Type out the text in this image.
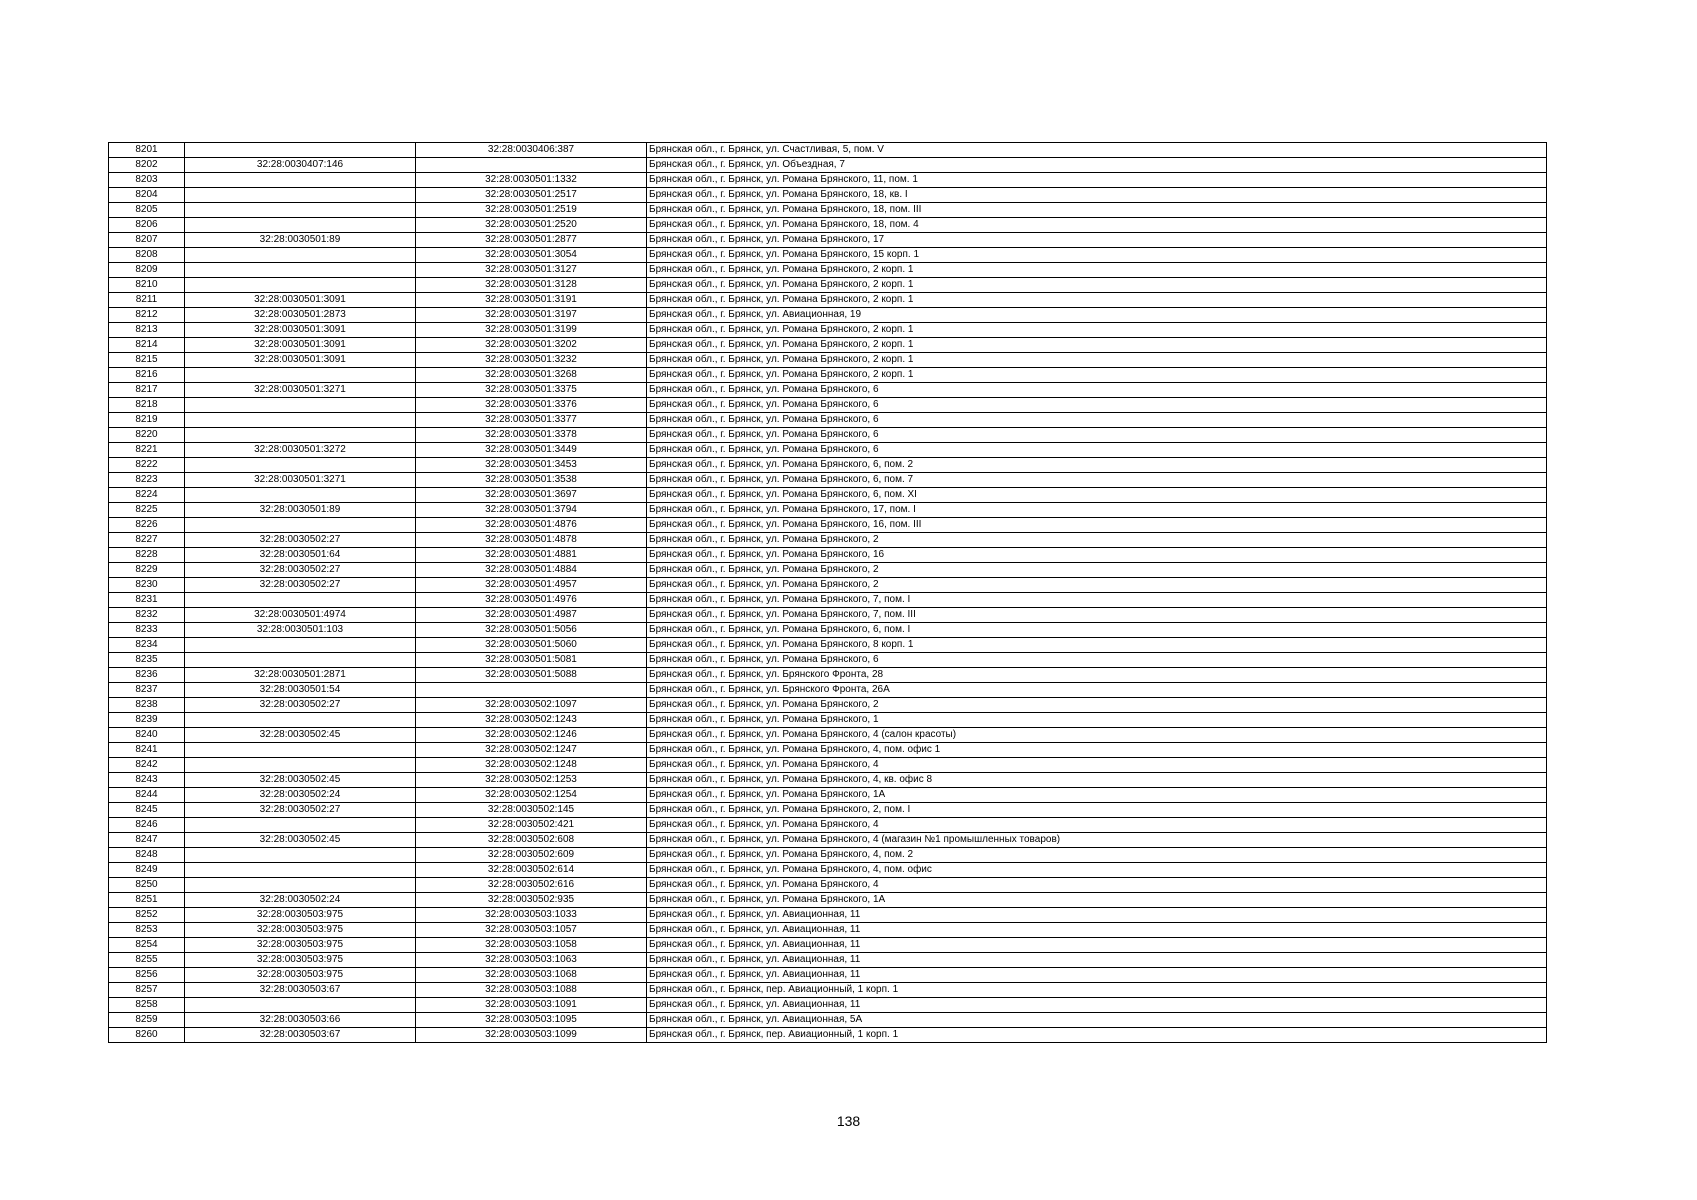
8201		32:28:0030406:387	Брянская обл., г. Брянск, ул. Счастливая, 5, пом. V
8202	32:28:0030407:146		Брянская обл., г. Брянск, ул. Объездная, 7
8203		32:28:0030501:1332	Брянская обл., г. Брянск, ул. Романа Брянского, 11, пом. 1
8204		32:28:0030501:2517	Брянская обл., г. Брянск, ул. Романа Брянского, 18, кв. I
8205		32:28:0030501:2519	Брянская обл., г. Брянск, ул. Романа Брянского, 18, пом. III
8206		32:28:0030501:2520	Брянская обл., г. Брянск, ул. Романа Брянского, 18, пом. 4
8207	32:28:0030501:89	32:28:0030501:2877	Брянская обл., г. Брянск, ул. Романа Брянского, 17
8208		32:28:0030501:3054	Брянская обл., г. Брянск, ул. Романа Брянского, 15 корп. 1
8209		32:28:0030501:3127	Брянская обл., г. Брянск, ул. Романа Брянского, 2 корп. 1
8210		32:28:0030501:3128	Брянская обл., г. Брянск, ул. Романа Брянского, 2 корп. 1
8211	32:28:0030501:3091	32:28:0030501:3191	Брянская обл., г. Брянск, ул. Романа Брянского, 2 корп. 1
8212	32:28:0030501:2873	32:28:0030501:3197	Брянская обл., г. Брянск, ул. Авиационная, 19
8213	32:28:0030501:3091	32:28:0030501:3199	Брянская обл., г. Брянск, ул. Романа Брянского, 2 корп. 1
8214	32:28:0030501:3091	32:28:0030501:3202	Брянская обл., г. Брянск, ул. Романа Брянского, 2 корп. 1
8215	32:28:0030501:3091	32:28:0030501:3232	Брянская обл., г. Брянск, ул. Романа Брянского, 2 корп. 1
8216		32:28:0030501:3268	Брянская обл., г. Брянск, ул. Романа Брянского, 2 корп. 1
8217	32:28:0030501:3271	32:28:0030501:3375	Брянская обл., г. Брянск, ул. Романа Брянского, 6
8218		32:28:0030501:3376	Брянская обл., г. Брянск, ул. Романа Брянского, 6
8219		32:28:0030501:3377	Брянская обл., г. Брянск, ул. Романа Брянского, 6
8220		32:28:0030501:3378	Брянская обл., г. Брянск, ул. Романа Брянского, 6
8221	32:28:0030501:3272	32:28:0030501:3449	Брянская обл., г. Брянск, ул. Романа Брянского, 6
8222		32:28:0030501:3453	Брянская обл., г. Брянск, ул. Романа Брянского, 6, пом. 2
8223	32:28:0030501:3271	32:28:0030501:3538	Брянская обл., г. Брянск, ул. Романа Брянского, 6, пом. 7
8224		32:28:0030501:3697	Брянская обл., г. Брянск, ул. Романа Брянского, 6, пом. XI
8225	32:28:0030501:89	32:28:0030501:3794	Брянская обл., г. Брянск, ул. Романа Брянского, 17, пом. I
8226		32:28:0030501:4876	Брянская обл., г. Брянск, ул. Романа Брянского, 16, пом. III
8227	32:28:0030502:27	32:28:0030501:4878	Брянская обл., г. Брянск, ул. Романа Брянского, 2
8228	32:28:0030501:64	32:28:0030501:4881	Брянская обл., г. Брянск, ул. Романа Брянского, 16
8229	32:28:0030502:27	32:28:0030501:4884	Брянская обл., г. Брянск, ул. Романа Брянского, 2
8230	32:28:0030502:27	32:28:0030501:4957	Брянская обл., г. Брянск, ул. Романа Брянского, 2
8231		32:28:0030501:4976	Брянская обл., г. Брянск, ул. Романа Брянского, 7, пом. I
8232	32:28:0030501:4974	32:28:0030501:4987	Брянская обл., г. Брянск, ул. Романа Брянского, 7, пом. III
8233	32:28:0030501:103	32:28:0030501:5056	Брянская обл., г. Брянск, ул. Романа Брянского, 6, пом. I
8234		32:28:0030501:5060	Брянская обл., г. Брянск, ул. Романа Брянского, 8 корп. 1
8235		32:28:0030501:5081	Брянская обл., г. Брянск, ул. Романа Брянского, 6
8236	32:28:0030501:2871	32:28:0030501:5088	Брянская обл., г. Брянск, ул. Брянского Фронта, 28
8237	32:28:0030501:54		Брянская обл., г. Брянск, ул. Брянского Фронта, 26А
8238	32:28:0030502:27	32:28:0030502:1097	Брянская обл., г. Брянск, ул. Романа Брянского, 2
8239		32:28:0030502:1243	Брянская обл., г. Брянск, ул. Романа Брянского, 1
8240	32:28:0030502:45	32:28:0030502:1246	Брянская обл., г. Брянск, ул. Романа Брянского, 4 (салон красоты)
8241		32:28:0030502:1247	Брянская обл., г. Брянск, ул. Романа Брянского, 4, пом. офис 1
8242		32:28:0030502:1248	Брянская обл., г. Брянск, ул. Романа Брянского, 4
8243	32:28:0030502:45	32:28:0030502:1253	Брянская обл., г. Брянск, ул. Романа Брянского, 4, кв. офис 8
8244	32:28:0030502:24	32:28:0030502:1254	Брянская обл., г. Брянск, ул. Романа Брянского, 1А
8245	32:28:0030502:27	32:28:0030502:145	Брянская обл., г. Брянск, ул. Романа Брянского, 2, пом. I
8246		32:28:0030502:421	Брянская обл., г. Брянск, ул. Романа Брянского, 4
8247	32:28:0030502:45	32:28:0030502:608	Брянская обл., г. Брянск, ул. Романа Брянского, 4 (магазин №1 промышленных товаров)
8248		32:28:0030502:609	Брянская обл., г. Брянск, ул. Романа Брянского, 4, пом. 2
8249		32:28:0030502:614	Брянская обл., г. Брянск, ул. Романа Брянского, 4, пом. офис
8250		32:28:0030502:616	Брянская обл., г. Брянск, ул. Романа Брянского, 4
8251	32:28:0030502:24	32:28:0030502:935	Брянская обл., г. Брянск, ул. Романа Брянского, 1А
8252	32:28:0030503:975	32:28:0030503:1033	Брянская обл., г. Брянск, ул. Авиационная, 11
8253	32:28:0030503:975	32:28:0030503:1057	Брянская обл., г. Брянск, ул. Авиационная, 11
8254	32:28:0030503:975	32:28:0030503:1058	Брянская обл., г. Брянск, ул. Авиационная, 11
8255	32:28:0030503:975	32:28:0030503:1063	Брянская обл., г. Брянск, ул. Авиационная, 11
8256	32:28:0030503:975	32:28:0030503:1068	Брянская обл., г. Брянск, ул. Авиационная, 11
8257	32:28:0030503:67	32:28:0030503:1088	Брянская обл., г. Брянск, пер. Авиационный, 1 корп. 1
8258		32:28:0030503:1091	Брянская обл., г. Брянск, ул. Авиационная, 11
8259	32:28:0030503:66	32:28:0030503:1095	Брянская обл., г. Брянск, ул. Авиационная, 5А
8260	32:28:0030503:67	32:28:0030503:1099	Брянская обл., г. Брянск, пер. Авиационный, 1 корп. 1
138
